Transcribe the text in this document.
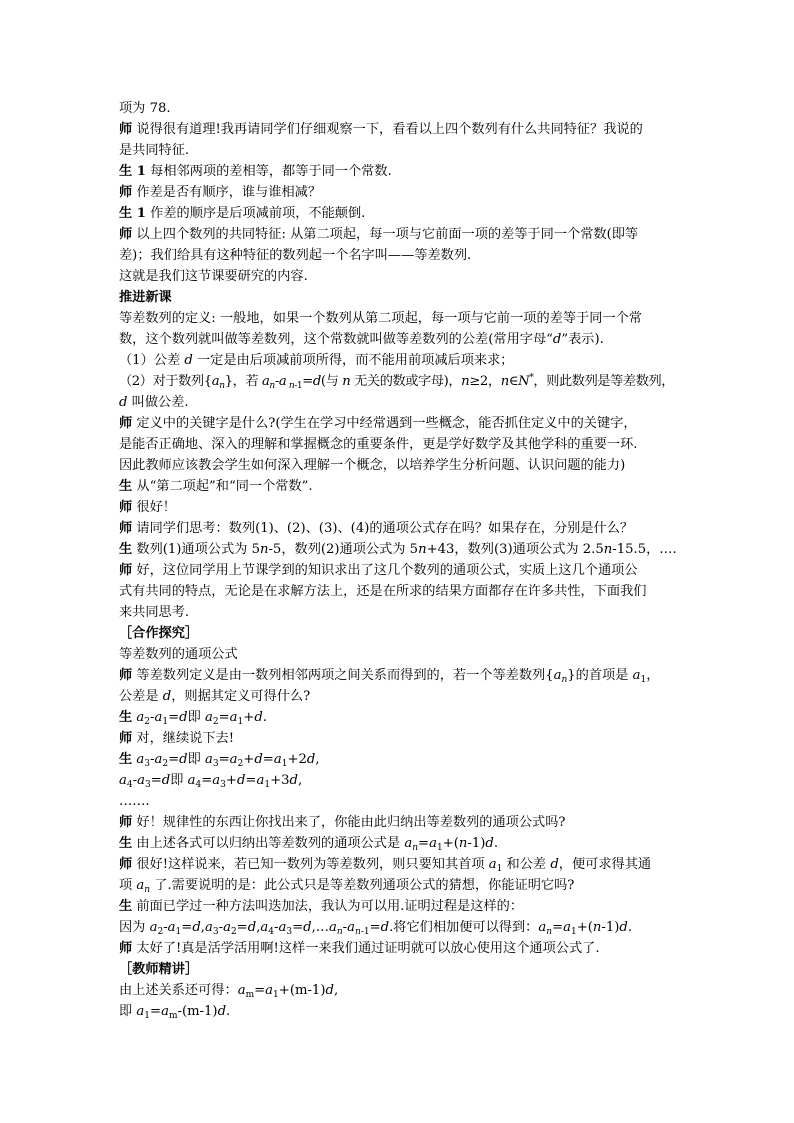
项为 78.
师 说得很有道理!我再请同学们仔细观察一下，看看以上四个数列有什么共同特征？我说的
是共同特征.
生 1 每相邻两项的差相等，都等于同一个常数.
师 作差是否有顺序，谁与谁相减？
生 1 作差的顺序是后项减前项，不能颠倒.
师 以上四个数列的共同特征: 从第二项起，每一项与它前面一项的差等于同一个常数(即等
差)；我们给具有这种特征的数列起一个名字叫——等差数列.
这就是我们这节课要研究的内容.
推进新课
等差数列的定义: 一般地，如果一个数列从第二项起，每一项与它前一项的差等于同一个常
数，这个数列就叫做等差数列，这个常数就叫做等差数列的公差(常用字母“d”表示).
（1）公差 d 一定是由后项减前项所得，而不能用前项减后项来求；
（2）对于数列$\{a_n\}$，若 $a_n-a$ $_{n-1}$=d(与 n 无关的数或字母)，n≥2，n∈N*，则此数列是等差数列，
d 叫做公差.
师 定义中的关键字是什么?(学生在学习中经常遇到一些概念，能否抓住定义中的关键字，
是能否正确地、深入的理解和掌握概念的重要条件，更是学好数学及其他学科的重要一环.
因此教师应该教会学生如何深入理解一个概念，以培养学生分析问题、认识问题的能力)
生 从“第二项起”和“同一个常数”.
师 很好！
师 请同学们思考：数列(1)、(2)、(3)、(4)的通项公式存在吗？如果存在，分别是什么？
生 数列(1)通项公式为 5n-5，数列(2)通项公式为 5n+43，数列(3)通项公式为 2.5n-15.5，….
师 好，这位同学用上节课学到的知识求出了这几个数列的通项公式，实质上这几个通项公
式有共同的特点，无论是在求解方法上，还是在所求的结果方面都存在许多共性，下面我们
来共同思考.
［合作探究］
等差数列的通项公式
师 等差数列定义是由一数列相邻两项之间关系而得到的，若一个等差数列$\{a_n\}$的首项是 $a_1$，
公差是 d，则据其定义可得什么?
生 $a_2-a_1=d$即 $a_2=a_1+d$.
师 对，继续说下去!
生 $a_3-a_2=d$即 $a_3=a_2+d=a_1+2d$,
$a_4-a_3=d$即 $a_4=a_3+d=a_1+3d$,
…….
师 好！规律性的东西让你找出来了，你能由此归纳出等差数列的通项公式吗?
生 由上述各式可以归纳出等差数列的通项公式是 $a_n=a_1+(n-1)d$.
师 很好!这样说来，若已知一数列为等差数列，则只要知其首项 $a_1$ 和公差 d，便可求得其通
项 $a_n$ 了.需要说明的是：此公式只是等差数列通项公式的猜想，你能证明它吗?
生 前面已学过一种方法叫迭加法，我认为可以用.证明过程是这样的：
因为 $a_2-a_1=d,a_3-a_2=d,a_4-a_3=d,\dots a_n-a_{n-1}=d$.将它们相加便可以得到：$a_n=a_1+(n-1)d$.
师 太好了!真是活学活用啊!这样一来我们通过证明就可以放心使用这个通项公式了.
［教师精讲］
由上述关系还可得：$a_m=a_1+(m-1)d$,
即 $a_1=a_m-(m-1)d$.
